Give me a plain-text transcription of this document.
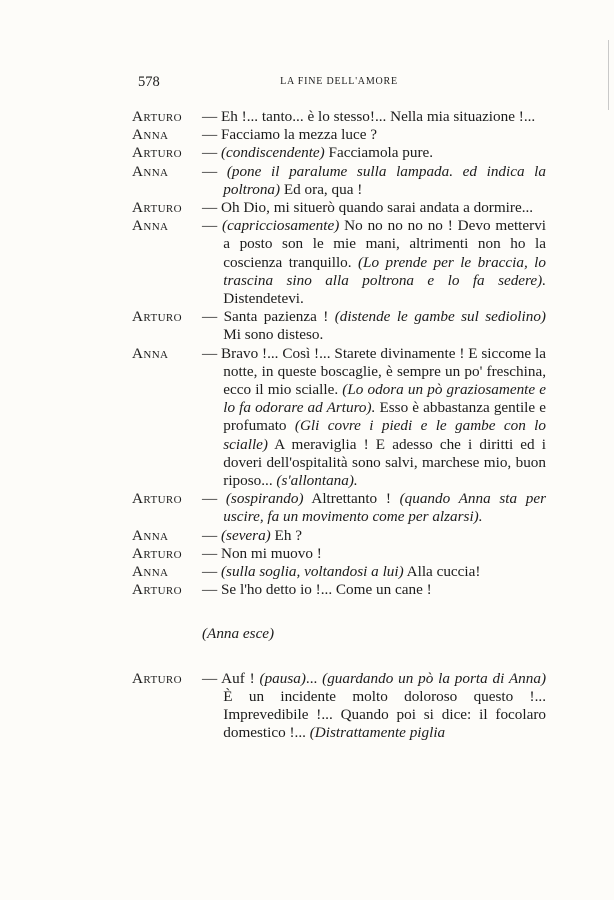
578	LA FINE DELL'AMORE
Arturo	— Eh !... tanto... è lo stesso!... Nella mia situazione !...
Anna	— Facciamo la mezza luce ?
Arturo	— (condiscendente) Facciamola pure.
Anna	— (pone il paralume sulla lampada. ed indica la poltrona) Ed ora, qua !
Arturo	— Oh Dio, mi situerò quando sarai andata a dormire...
Anna	— (capricciosamente) No no no no no ! Devo mettervi a posto son le mie mani, altrimenti non ho la coscienza tranquillo. (Lo prende per le braccia, lo trascina sino alla poltrona e lo fa sedere). Distendetevi.
Arturo	— Santa pazienza ! (distende le gambe sul sediolino) Mi sono disteso.
Anna	— Bravo !... Così !... Starete divinamente ! E siccome la notte, in queste boscaglie, è sempre un po' freschina, ecco il mio scialle. (Lo odora un pò graziosamente e lo fa odorare ad Arturo). Esso è abbastanza gentile e profumato (Gli covre i piedi e le gambe con lo scialle) A meraviglia ! E adesso che i diritti ed i doveri dell'ospitalità sono salvi, marchese mio, buon riposo... (s'allontana).
Arturo	— (sospirando) Altrettanto ! (quando Anna sta per uscire, fa un movimento come per alzarsi).
Anna	— (severa) Eh ?
Arturo	— Non mi muovo !
Anna	— (sulla soglia, voltandosi a lui) Alla cuccia!
Arturo	— Se l'ho detto io !... Come un cane !
(Anna esce)
Arturo	— Auf ! (pausa)... (guardando un pò la porta di Anna) È un incidente molto doloroso questo !... Imprevedibile !... Quando poi si dice: il focolaro domestico !... (Distrattamente piglia
